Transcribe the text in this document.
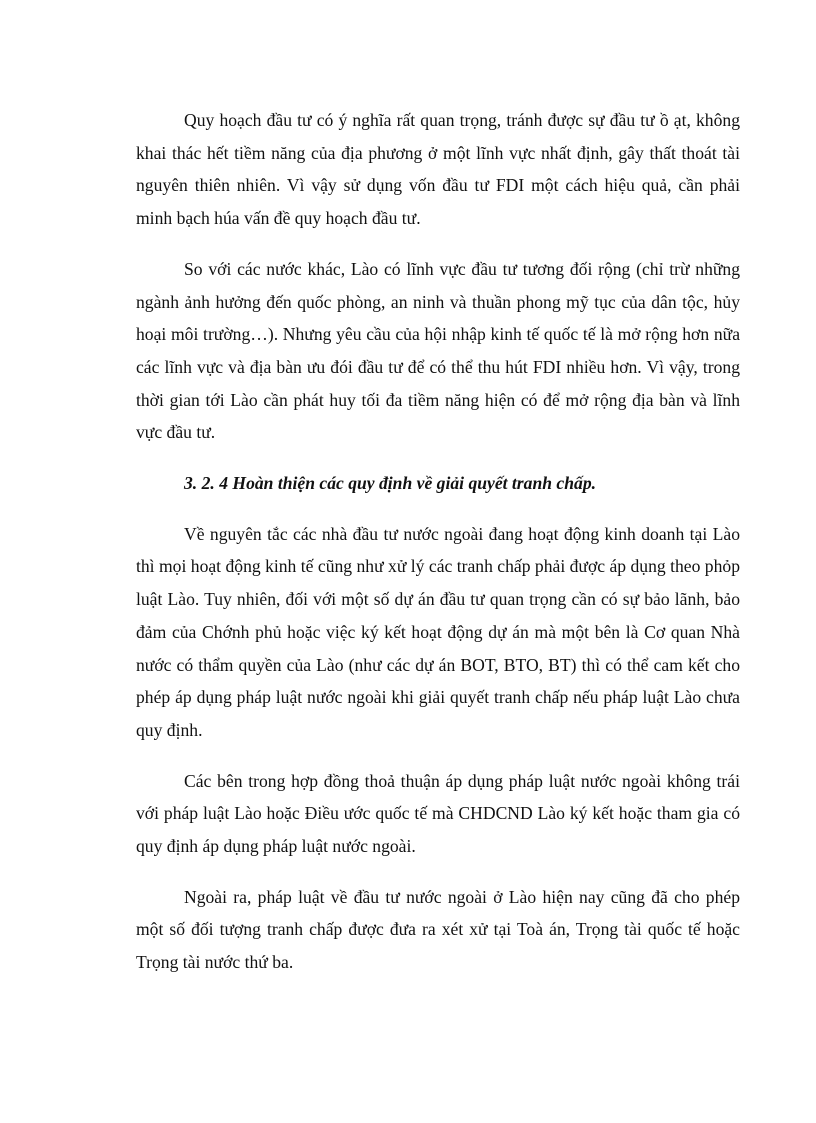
Quy hoạch đầu tư có ý nghĩa rất quan trọng, tránh được sự đầu tư ồ ạt, không khai thác hết tiềm năng của địa phương ở một lĩnh vực nhất định, gây thất thoát tài nguyên thiên nhiên. Vì vậy sử dụng vốn đầu tư FDI một cách hiệu quả, cần phải minh bạch húa vấn đề quy hoạch đầu tư.

So với các nước khác, Lào có lĩnh vực đầu tư tương đối rộng (chỉ trừ những ngành ảnh hưởng đến quốc phòng, an ninh và thuần phong mỹ tục của dân tộc, hủy hoại môi trường…). Nhưng yêu cầu của hội nhập kinh tế quốc tế là mở rộng hơn nữa các lĩnh vực và địa bàn ưu đói đầu tư để có thể thu hút FDI nhiều hơn. Vì vậy, trong thời gian tới Lào cần phát huy tối đa tiềm năng hiện có để mở rộng địa bàn và lĩnh vực đầu tư.

3. 2. 4 Hoàn thiện các quy định về giải quyết tranh chấp.

Về nguyên tắc các nhà đầu tư nước ngoài đang hoạt động kinh doanh tại Lào thì mọi hoạt động kinh tế cũng như xử lý các tranh chấp phải được áp dụng theo phỏp luật Lào. Tuy nhiên, đối với một số dự án đầu tư quan trọng cần có sự bảo lãnh, bảo đảm của Chớnh phủ hoặc việc ký kết hoạt động dự án mà một bên là Cơ quan Nhà nước có thẩm quyền của Lào (như các dự án BOT, BTO, BT) thì có thể cam kết cho phép áp dụng pháp luật nước ngoài khi giải quyết tranh chấp nếu pháp luật Lào chưa quy định.

Các bên trong hợp đồng thoả thuận áp dụng pháp luật nước ngoài không trái với pháp luật Lào hoặc Điều ước quốc tế mà CHDCND Lào ký kết hoặc tham gia có quy định áp dụng pháp luật nước ngoài.

Ngoài ra, pháp luật về đầu tư nước ngoài ở Lào hiện nay cũng đã cho phép một số đối tượng tranh chấp được đưa ra xét xử tại Toà án, Trọng tài quốc tế hoặc Trọng tài nước thứ ba.
